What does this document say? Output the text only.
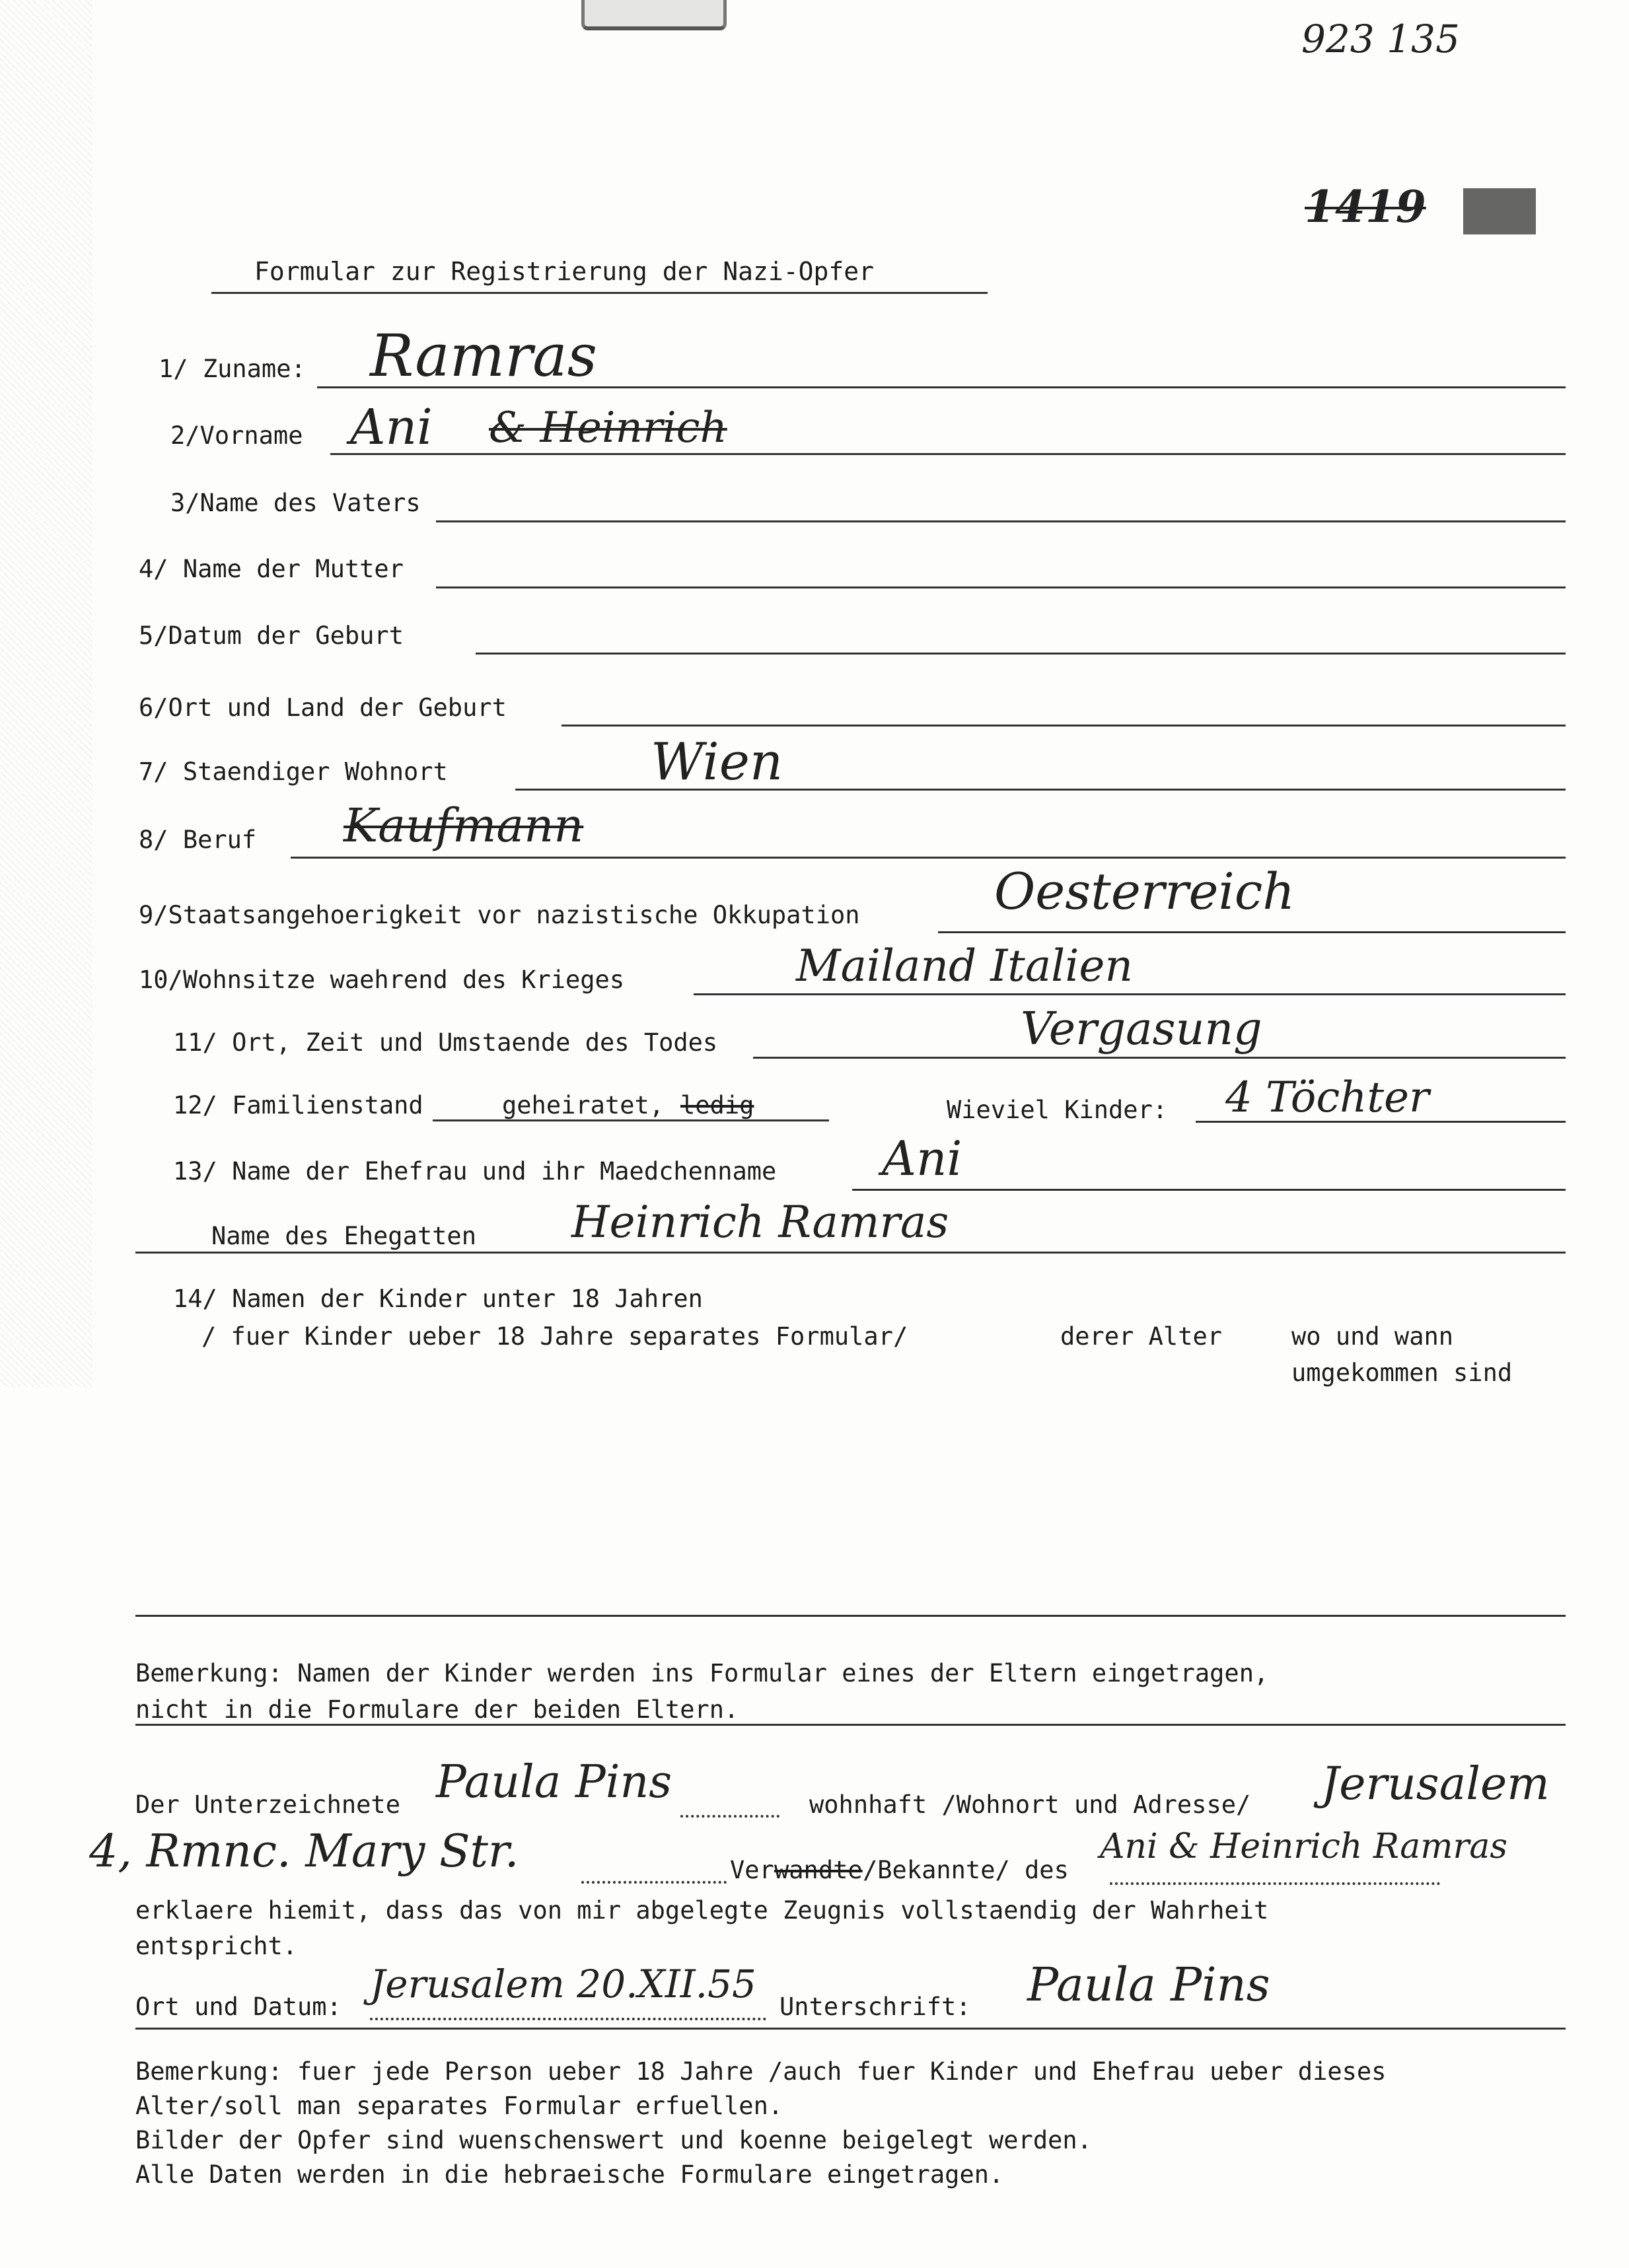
923 135
1419
Formular zur Registrierung der Nazi-Opfer
1/ Zuname: Ramras
2/Vorname Ani & Heinrich
3/Name des Vaters
4/ Name der Mutter
5/Datum der Geburt
6/Ort und Land der Geburt
7/ Staendiger Wohnort	Wien
8/ Beruf Kaufmann
9/Staatsangehoerigkeit vor nazistische Okkupation	Oesterreich
10/Wohnsitze waehrend des Krieges	Mailand Italien
11/ Ort, Zeit und Umstaende des Todes	Vergasung
12/ Familienstand	geheiratet, ledig	Wieviel Kinder: 4 Töchter
13/ Name der Ehefrau und ihr Maedchenname Ani
Name des Ehegatten Heinrich Ramras
14/ Namen der Kinder unter 18 Jahren
/ fuer Kinder ueber 18 Jahre separates Formular/	derer Alter	wo und wann
umgekommen sind
Bemerkung: Namen der Kinder werden ins Formular eines der Eltern eingetragen,
nicht in die Formulare der beiden Eltern.
Der Unterzeichnete Paula Pins	wohnhaft /Wohnort und Adresse/ Jerusalem
4, Rmnc. Mary Str.	Ver wandte /Bekannte/ des
Ani & Heinrich Ramras
erklaere hiemit, dass das von mir abgelegte Zeugnis vollstaendig der Wahrheit
entspricht.
Ort und Datum:
Jerusalem 20.XII.55
Unterschrift: Paula Pins
Bemerkung: fuer jede Person ueber 18 Jahre /auch fuer Kinder und Ehefrau ueber dieses
Alter/soll man separates Formular erfuellen.
Bilder der Opfer sind wuenschenswert und koenne beigelegt werden.
Alle Daten werden in die hebraeische Formulare eingetragen.
